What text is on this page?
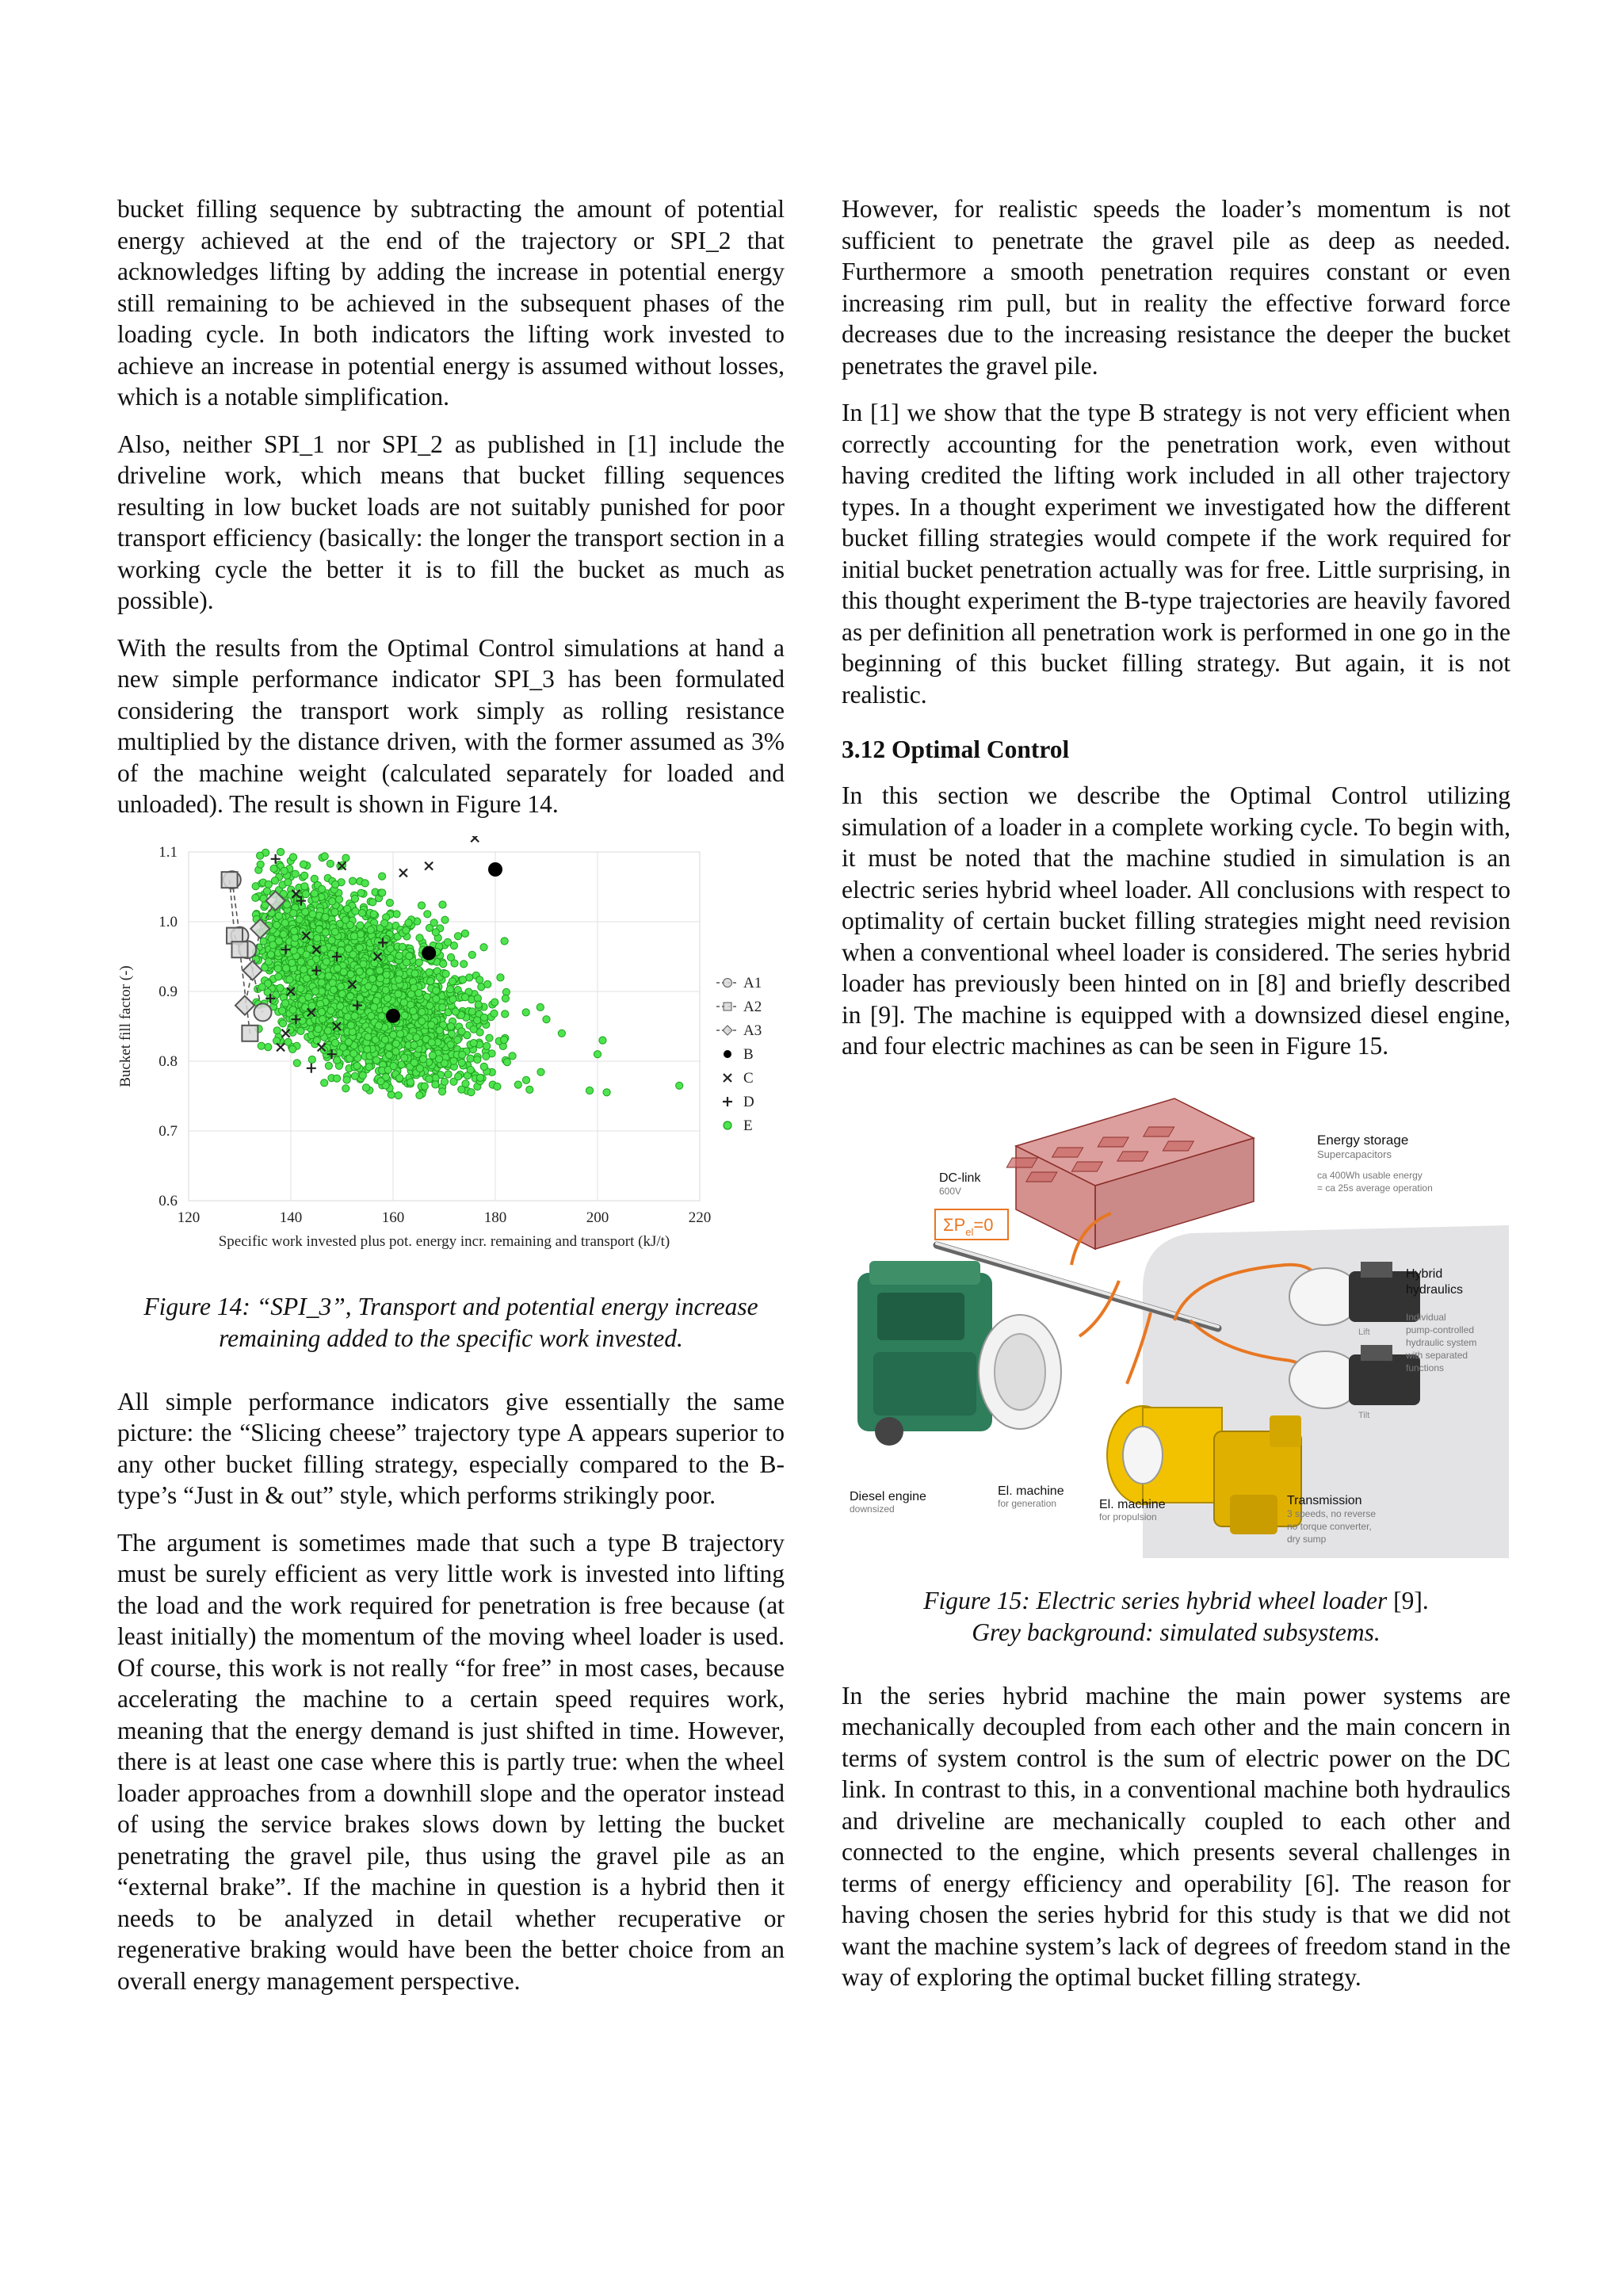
bucket filling sequence by subtracting the amount of potential energy achieved at the end of the trajectory or SPI_2 that acknowledges lifting by adding the increase in potential energy still remaining to be achieved in the subsequent phases of the loading cycle. In both indicators the lifting work invested to achieve an increase in potential energy is assumed without losses, which is a notable simplification.

Also, neither SPI_1 nor SPI_2 as published in [1] include the driveline work, which means that bucket filling sequences resulting in low bucket loads are not suitably punished for poor transport efficiency (basically: the longer the transport section in a working cycle the better it is to fill the bucket as much as possible).

With the results from the Optimal Control simulations at hand a new simple performance indicator SPI_3 has been formulated considering the transport work simply as rolling resistance multiplied by the distance driven, with the former assumed as 3% of the machine weight (calculated separately for loaded and unloaded). The result is shown in Figure 14.

120	140	160	180	200	220
0.6
0.7
0.8
0.9
1.0
1.1
Specific work invested plus pot. energy incr. remaining and transport (kJ/t)
Bucket fill factor (-)	A1
A2
A3
B
C
D
E

Figure 14: “SPI_3”, Transport and potential energy increase remaining added to the specific work invested.

All simple performance indicators give essentially the same picture: the “Slicing cheese” trajectory type A appears superior to any other bucket filling strategy, especially compared to the B-type’s “Just in & out” style, which performs strikingly poor.

The argument is sometimes made that such a type B trajectory must be surely efficient as very little work is invested into lifting the load and the work required for penetration is free because (at least initially) the momentum of the moving wheel loader is used. Of course, this work is not really “for free” in most cases, because accelerating the machine to a certain speed requires work, meaning that the energy demand is just shifted in time. However, there is at least one case where this is partly true: when the wheel loader approaches from a downhill slope and the operator instead of using the service brakes slows down by letting the bucket penetrating the gravel pile, thus using the gravel pile as an “external brake”. If the machine in question is a hybrid then it needs to be analyzed in detail whether recuperative or regenerative braking would have been the better choice from an overall energy management perspective.

However, for realistic speeds the loader’s momentum is not sufficient to penetrate the gravel pile as deep as needed. Furthermore a smooth penetration requires constant or even increasing rim pull, but in reality the effective forward force decreases due to the increasing resistance the deeper the bucket penetrates the gravel pile.

In [1] we show that the type B strategy is not very efficient when correctly accounting for the penetration work, even without having credited the lifting work included in all other trajectory types. In a thought experiment we investigated how the different bucket filling strategies would compete if the work required for initial bucket penetration actually was for free. Little surprising, in this thought experiment the B-type trajectories are heavily favored as per definition all penetration work is performed in one go in the beginning of this bucket filling strategy. But again, it is not realistic.

3.12 Optimal Control

In this section we describe the Optimal Control utilizing simulation of a loader in a complete working cycle. To begin with, it must be noted that the machine studied in simulation is an electric series hybrid wheel loader. All conclusions with respect to optimality of certain bucket filling strategies might need revision when a conventional wheel loader is considered. The series hybrid loader has previously been hinted on in [8] and briefly described in [9]. The machine is equipped with a downsized diesel engine, and four electric machines as can be seen in Figure 15.

Energy storage
Supercapacitors
ca 400Wh usable energy
= ca 25s average operation
DC-link
600V
$\Sigma P_{el}=0$
Diesel engine
downsized
El. machine
for generation
Lift
Tilt
Hybrid
hydraulics
Individual
pump-controlled
hydraulic system
with separated
functions
El. machine
for propulsion
Transmission
3 speeds, no reverse
no torque converter,
dry sump

Figure 15: Electric series hybrid wheel loader [9].
Grey background: simulated subsystems.

In the series hybrid machine the main power systems are mechanically decoupled from each other and the main concern in terms of system control is the sum of electric power on the DC link. In contrast to this, in a conventional machine both hydraulics and driveline are mechanically coupled to each other and connected to the engine, which presents several challenges in terms of energy efficiency and operability [6]. The reason for having chosen the series hybrid for this study is that we did not want the machine system’s lack of degrees of freedom stand in the way of exploring the optimal bucket filling strategy.
